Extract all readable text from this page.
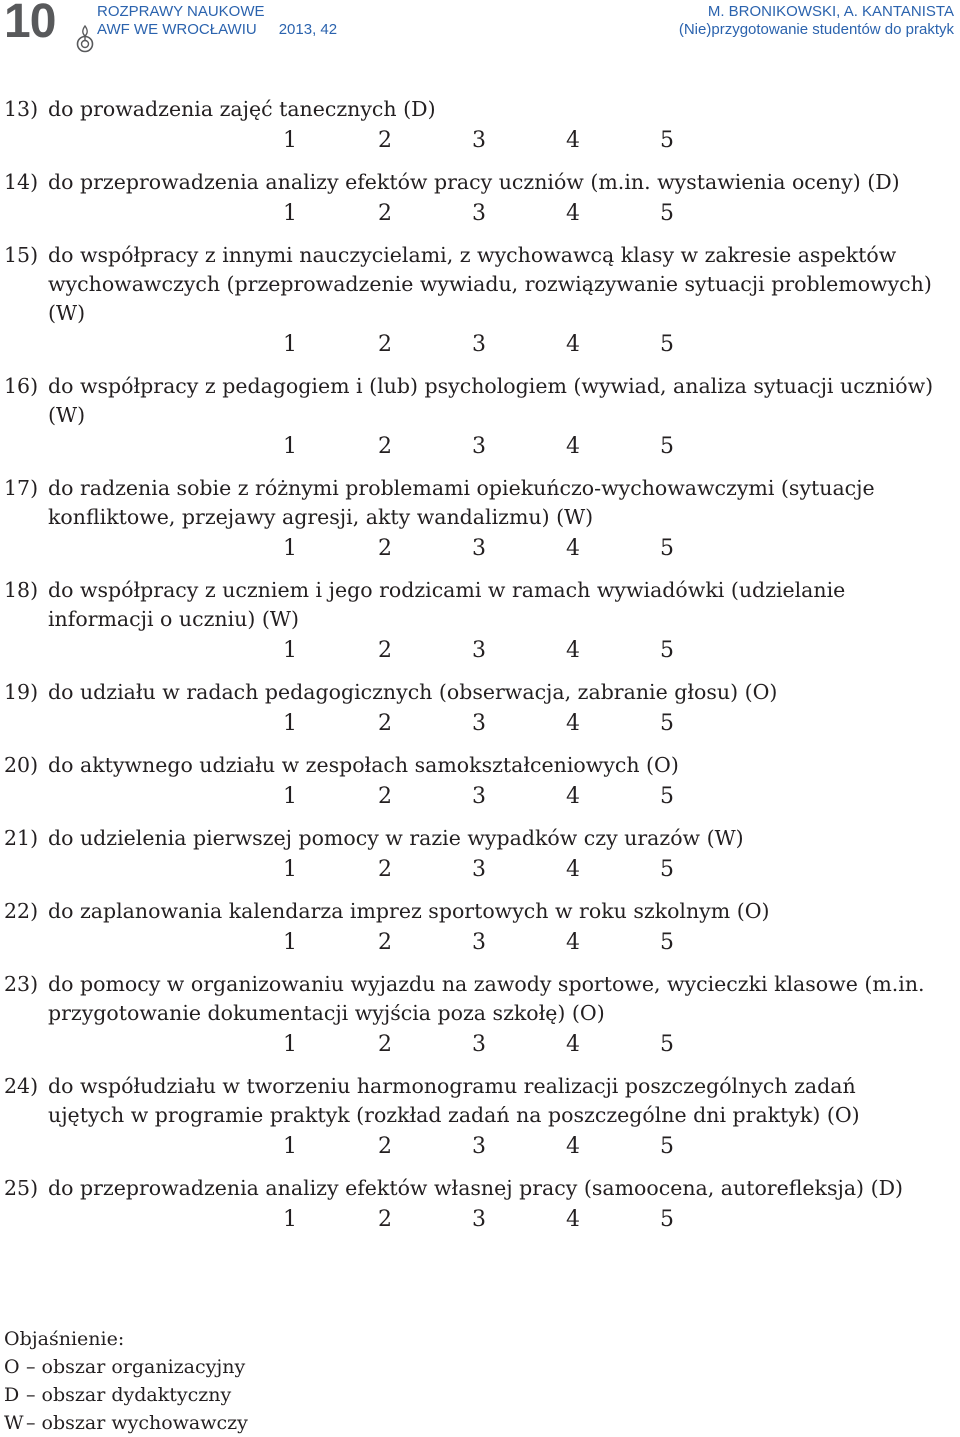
10	ROZPRAWY NAUKOWE
AWF WE WROCŁAWIU 2013, 42
M. BRONIKOWSKI, A. KANTANISTA
(Nie)przygotowanie studentów do praktyk
13) do prowadzenia zajęć tanecznych (D)
1	2	3	4	5
14) do przeprowadzenia analizy efektów pracy uczniów (m.in. wystawienia oceny) (D)
1	2	3	4	5
15) do współpracy z innymi nauczycielami, z wychowawcą klasy w zakresie aspektów wychowawczych (przeprowadzenie wywiadu, rozwiązywanie sytuacji problemowych) (W)
1	2	3	4	5
16) do współpracy z pedagogiem i (lub) psychologiem (wywiad, analiza sytuacji uczniów) (W)
1	2	3	4	5
17) do radzenia sobie z różnymi problemami opiekuńczo-wychowawczymi (sytuacje konfliktowe, przejawy agresji, akty wandalizmu) (W)
1	2	3	4	5
18) do współpracy z uczniem i jego rodzicami w ramach wywiadówki (udzielanie informacji o uczniu) (W)
1	2	3	4	5
19) do udziału w radach pedagogicznych (obserwacja, zabranie głosu) (O)
1	2	3	4	5
20) do aktywnego udziału w zespołach samokształceniowych (O)
1	2	3	4	5
21) do udzielenia pierwszej pomocy w razie wypadków czy urazów (W)
1	2	3	4	5
22) do zaplanowania kalendarza imprez sportowych w roku szkolnym (O)
1	2	3	4	5
23) do pomocy w organizowaniu wyjazdu na zawody sportowe, wycieczki klasowe (m.in. przygotowanie dokumentacji wyjścia poza szkołę) (O)
1	2	3	4	5
24) do współudziału w tworzeniu harmonogramu realizacji poszczególnych zadań ujętych w programie praktyk (rozkład zadań na poszczególne dni praktyk) (O)
1	2	3	4	5
25) do przeprowadzenia analizy efektów własnej pracy (samoocena, autorefleksja) (D)
1	2	3	4	5
Objaśnienie:
O – obszar organizacyjny
D – obszar dydaktyczny
W – obszar wychowawczy
